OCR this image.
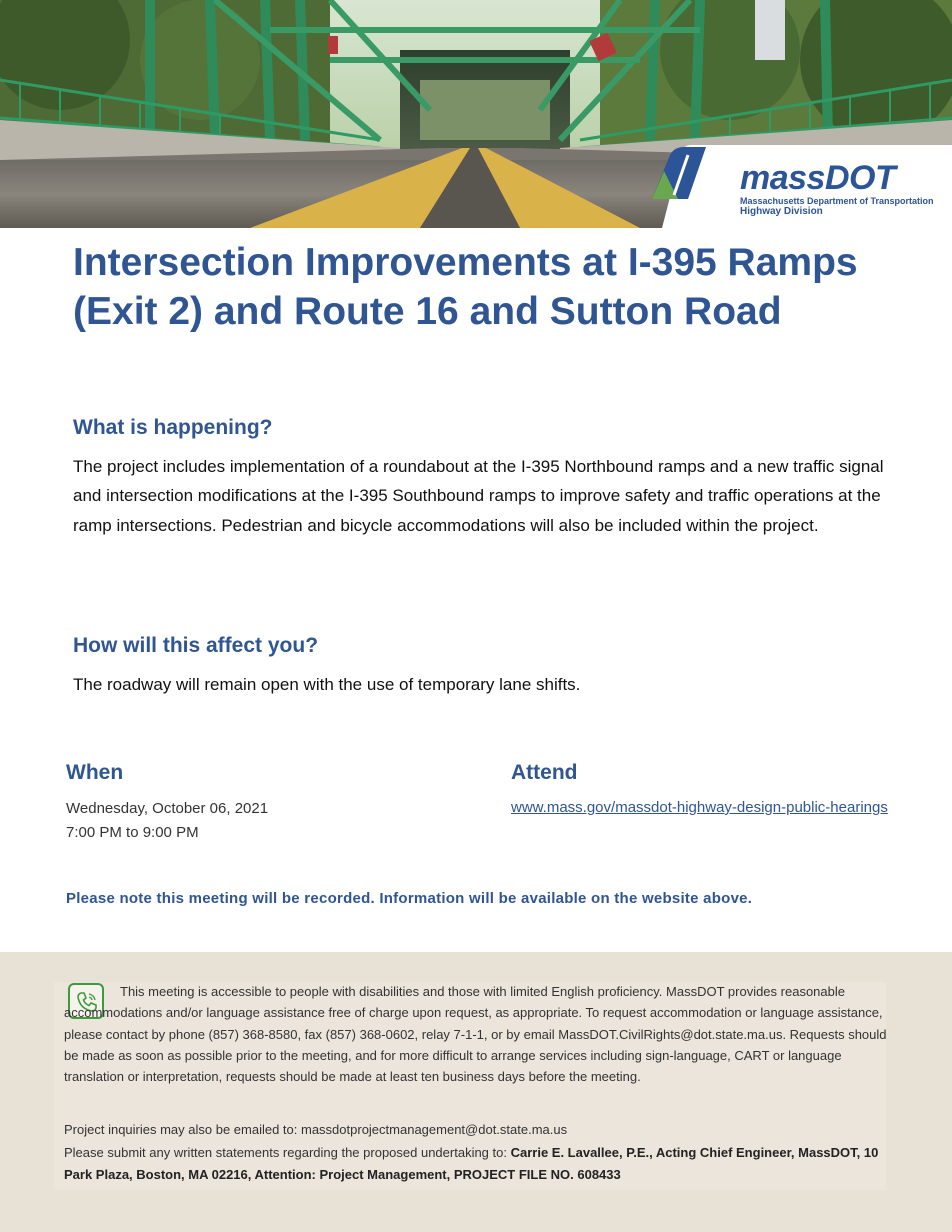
massDOT
Massachusetts Department of Transportation
Highway Division
Intersection Improvements at I-395 Ramps (Exit 2) and Route 16 and Sutton Road
What is happening?

The project includes implementation of a roundabout at the I-395 Northbound ramps and a new traffic signal and intersection modifications at the I-395 Southbound ramps to improve safety and traffic operations at the ramp intersections. Pedestrian and bicycle accommodations will also be included within the project.

How will this affect you?

The roadway will remain open with the use of temporary lane shifts.

When
Wednesday, October 06, 2021
7:00 PM to 9:00 PM
Attend
www.mass.gov/massdot-highway-design-public-hearings

Please note this meeting will be recorded. Information will be available on the website above.

This meeting is accessible to people with disabilities and those with limited English proficiency. MassDOT provides reasonable accommodations and/or language assistance free of charge upon request, as appropriate. To request accommodation or language assistance, please contact by phone (857) 368-8580, fax (857) 368-0602, relay 7-1-1, or by email MassDOT.CivilRights@dot.state.ma.us. Requests should be made as soon as possible prior to the meeting, and for more difficult to arrange services including sign-language, CART or language translation or interpretation, requests should be made at least ten business days before the meeting.

Project inquiries may also be emailed to: massdotprojectmanagement@dot.state.ma.us
Please submit any written statements regarding the proposed undertaking to: Carrie E. Lavallee, P.E., Acting Chief Engineer, MassDOT, 10 Park Plaza, Boston, MA 02216, Attention: Project Management, PROJECT FILE NO. 608433
